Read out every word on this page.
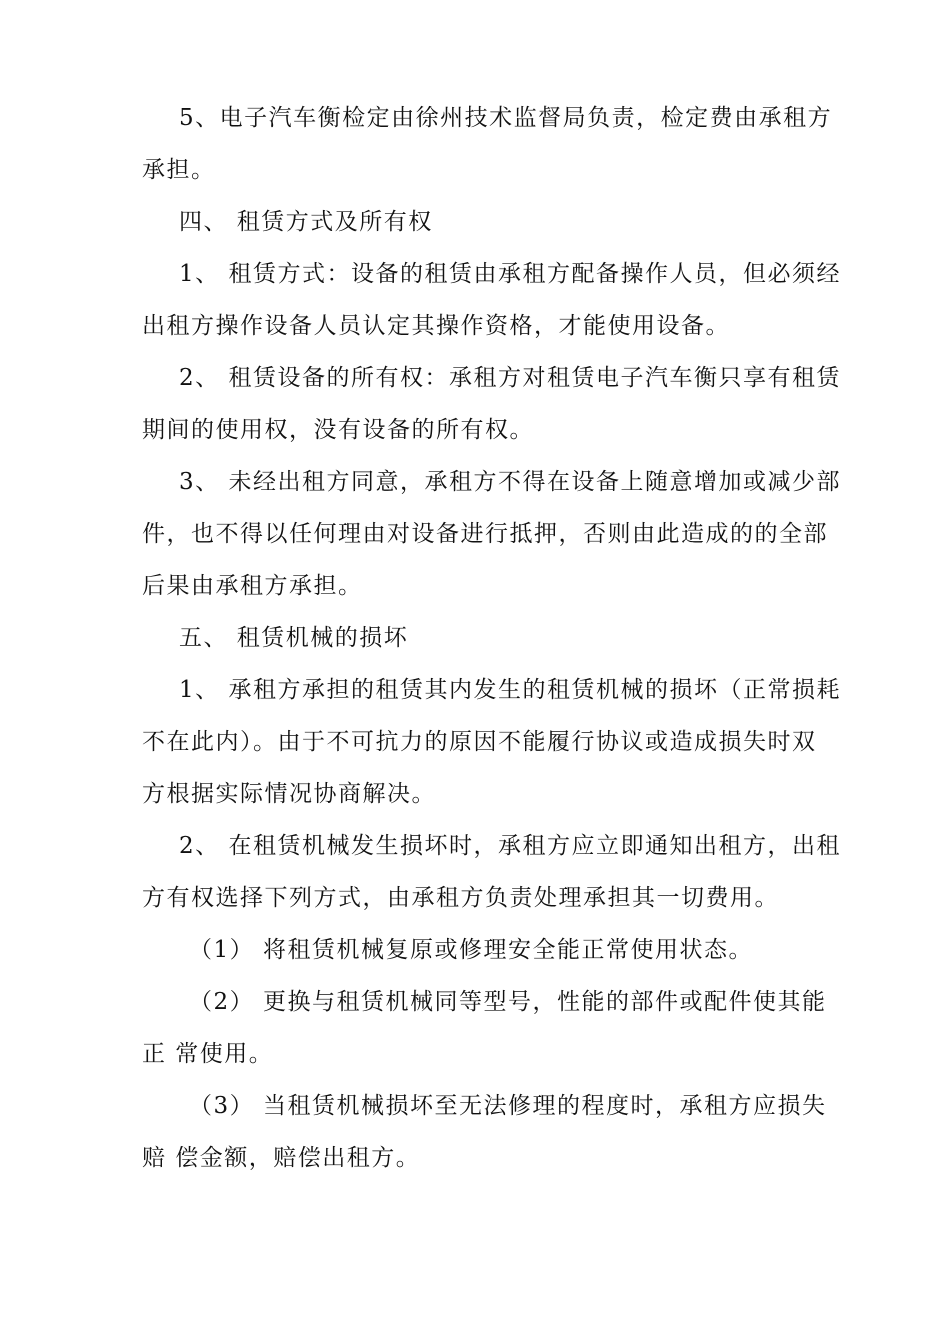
5、电子汽车衡检定由徐州技术监督局负责，检定费由承租方
承担。
四、 租赁方式及所有权
1、 租赁方式：设备的租赁由承租方配备操作人员，但必须经
出租方操作设备人员认定其操作资格，才能使用设备。
2、 租赁设备的所有权：承租方对租赁电子汽车衡只享有租赁
期间的使用权，没有设备的所有权。
3、 未经出租方同意，承租方不得在设备上随意增加或减少部
件，也不得以任何理由对设备进行抵押，否则由此造成的的全部
后果由承租方承担。
五、 租赁机械的损坏
1、 承租方承担的租赁其内发生的租赁机械的损坏（正常损耗
不在此内）。由于不可抗力的原因不能履行协议或造成损失时双
方根据实际情况协商解决。
2、 在租赁机械发生损坏时，承租方应立即通知出租方，出租
方有权选择下列方式，由承租方负责处理承担其一切费用。
（1） 将租赁机械复原或修理安全能正常使用状态。
（2） 更换与租赁机械同等型号，性能的部件或配件使其能
正 常使用。
（3） 当租赁机械损坏至无法修理的程度时，承租方应损失
赔 偿金额，赔偿出租方。
